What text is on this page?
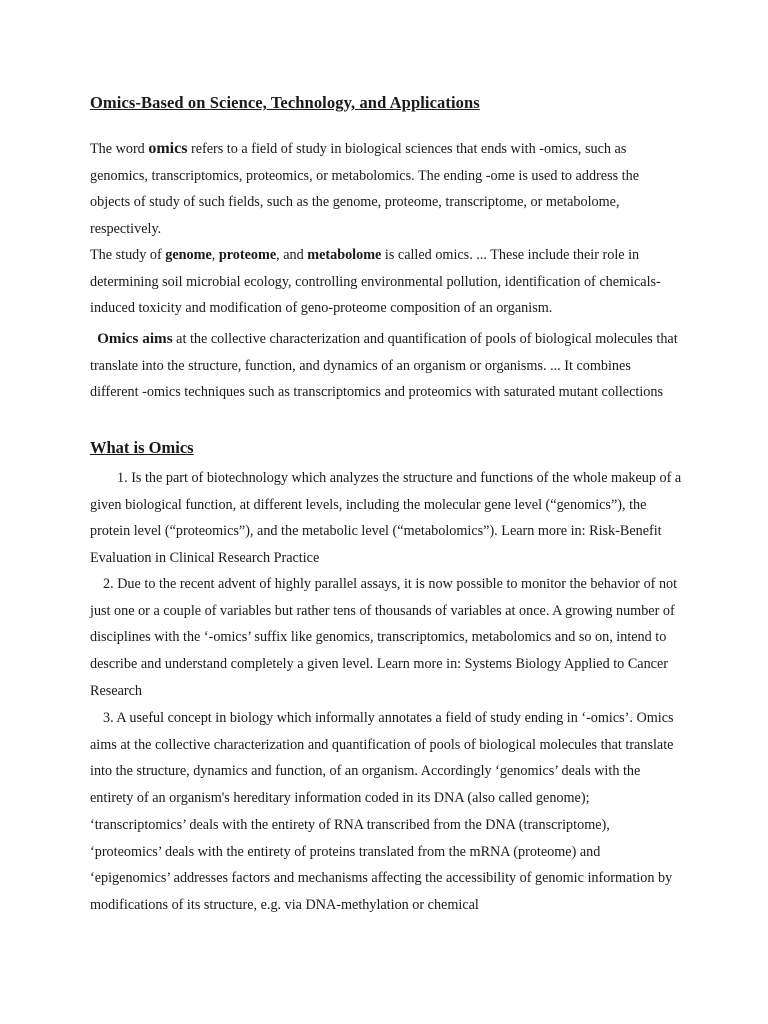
Omics-Based on Science, Technology, and Applications

The word omics refers to a field of study in biological sciences that ends with -omics, such as genomics, transcriptomics, proteomics, or metabolomics. The ending -ome is used to address the objects of study of such fields, such as the genome, proteome, transcriptome, or metabolome, respectively.

The study of genome, proteome, and metabolome is called omics. ... These include their role in determining soil microbial ecology, controlling environmental pollution, identification of chemicals-induced toxicity and modification of geno-proteome composition of an organism.

Omics aims at the collective characterization and quantification of pools of biological molecules that translate into the structure, function, and dynamics of an organism or organisms. ... It combines different -omics techniques such as transcriptomics and proteomics with saturated mutant collections

What is Omics

1. Is the part of biotechnology which analyzes the structure and functions of the whole makeup of a given biological function, at different levels, including the molecular gene level (“genomics”), the protein level (“proteomics”), and the metabolic level (“metabolomics”). Learn more in: Risk-Benefit Evaluation in Clinical Research Practice

2. Due to the recent advent of highly parallel assays, it is now possible to monitor the behavior of not just one or a couple of variables but rather tens of thousands of variables at once. A growing number of disciplines with the ‘-omics’ suffix like genomics, transcriptomics, metabolomics and so on, intend to describe and understand completely a given level. Learn more in: Systems Biology Applied to Cancer Research

3. A useful concept in biology which informally annotates a field of study ending in ‘-omics’. Omics aims at the collective characterization and quantification of pools of biological molecules that translate into the structure, dynamics and function, of an organism. Accordingly ‘genomics’ deals with the entirety of an organism's hereditary information coded in its DNA (also called genome); ‘transcriptomics’ deals with the entirety of RNA transcribed from the DNA (transcriptome), ‘proteomics’ deals with the entirety of proteins translated from the mRNA (proteome) and ‘epigenomics’ addresses factors and mechanisms affecting the accessibility of genomic information by modifications of its structure, e.g. via DNA-methylation or chemical
